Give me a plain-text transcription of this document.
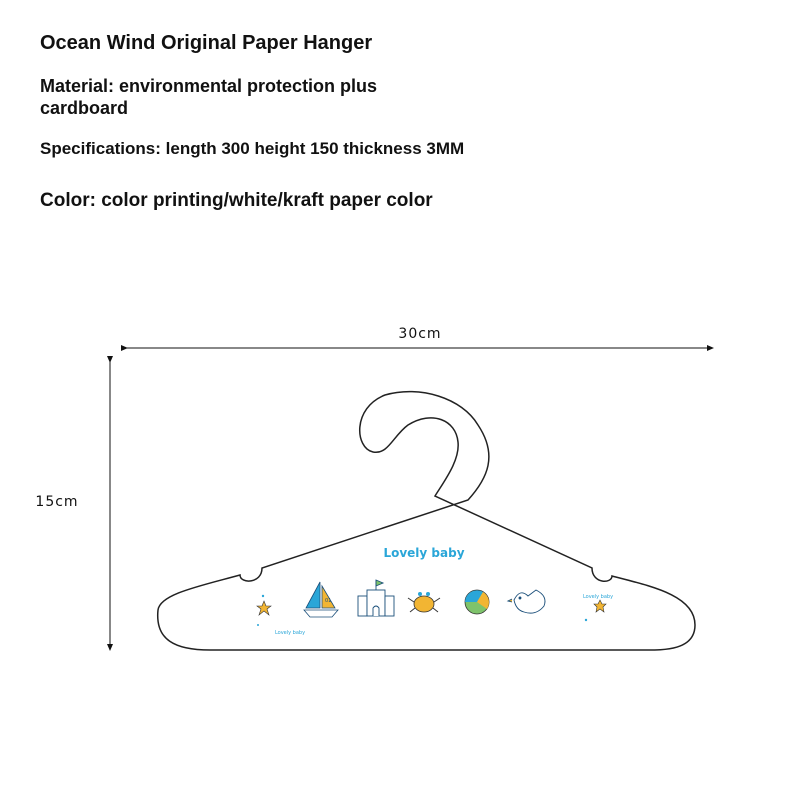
Ocean Wind Original Paper Hanger
Material: environmental protection plus cardboard
Specifications: length 300 height 150 thickness 3MM
Color: color printing/white/kraft paper color
30cm
15cm
Lovely baby
Lovely baby
01
Lovely baby
